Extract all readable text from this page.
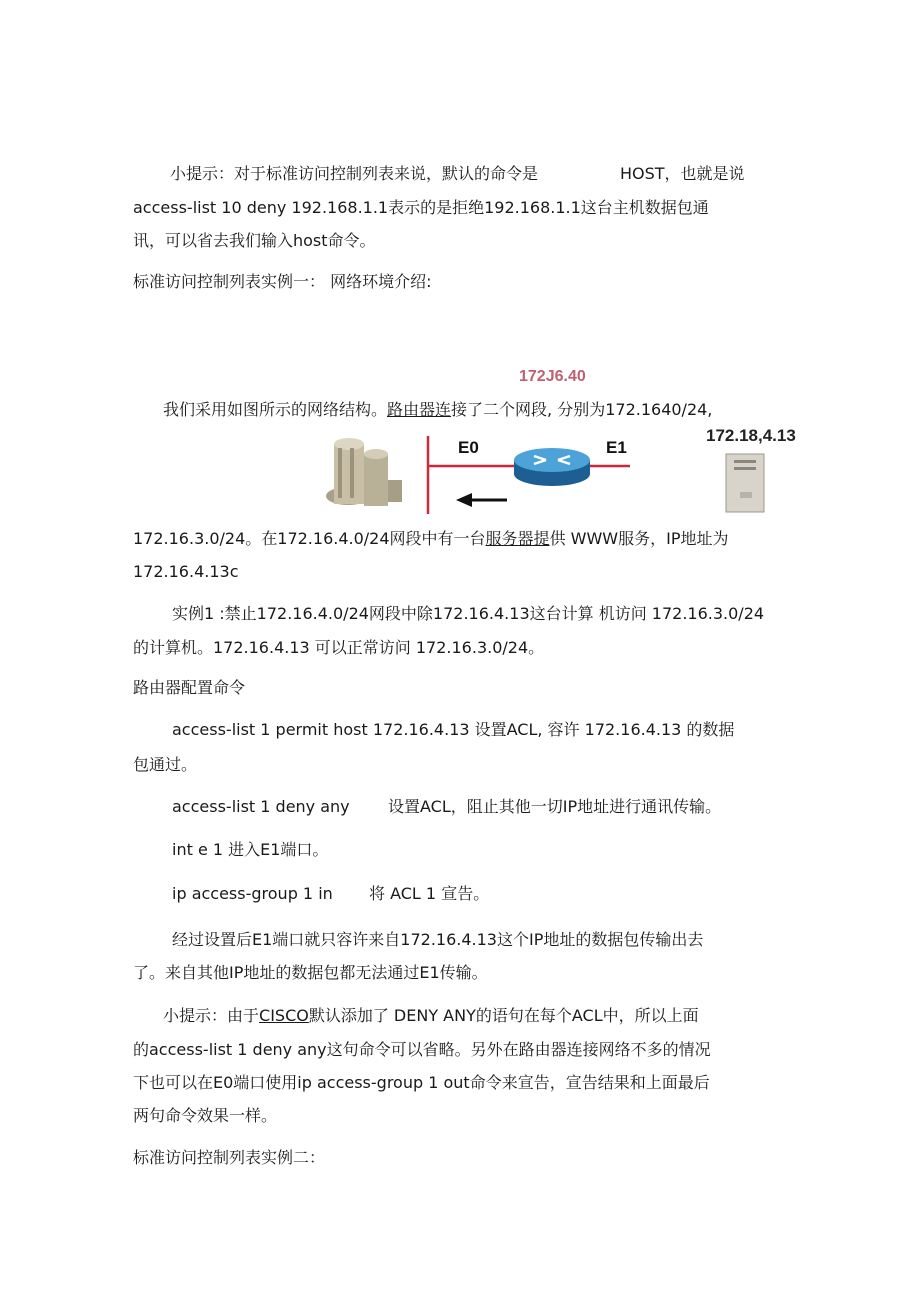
小提示：对于标准访问控制列表来说，默认的命令是	HOST，也就是说
access-list 10 deny 192.168.1.1表示的是拒绝192.168.1.1这台主机数据包通
讯，可以省去我们输入host命令。
标准访问控制列表实例一： 网络环境介绍:
172J6.40
我们采用如图所示的网络结构。路由器连接了二个网段, 分别为172.1640/24,
172.18,4.13
E0	E1
172.16.3.0/24。在172.16.4.0/24网段中有一台服务器提供 WWW服务，IP地址为
172.16.4.13c
实例1 :禁止172.16.4.0/24网段中除172.16.4.13这台计算 机访问 172.16.3.0/24
的计算机。172.16.4.13 可以正常访问 172.16.3.0/24。
路由器配置命令
access-list 1 permit host 172.16.4.13 设置ACL, 容许 172.16.4.13 的数据
包通过。
access-list 1 deny any 设置ACL，阻止其他一切IP地址进行通讯传输。
int e 1 进入E1端口。
ip access-group 1 in 将 ACL 1 宣告。
经过设置后E1端口就只容许来自172.16.4.13这个IP地址的数据包传输出去
了。来自其他IP地址的数据包都无法通过E1传输。
小提示：由于CISCO默认添加了 DENY ANY的语句在每个ACL中，所以上面
的access-list 1 deny any这句命令可以省略。另外在路由器连接网络不多的情况
下也可以在E0端口使用ip access-group 1 out命令来宣告，宣告结果和上面最后
两句命令效果一样。
标准访问控制列表实例二：
